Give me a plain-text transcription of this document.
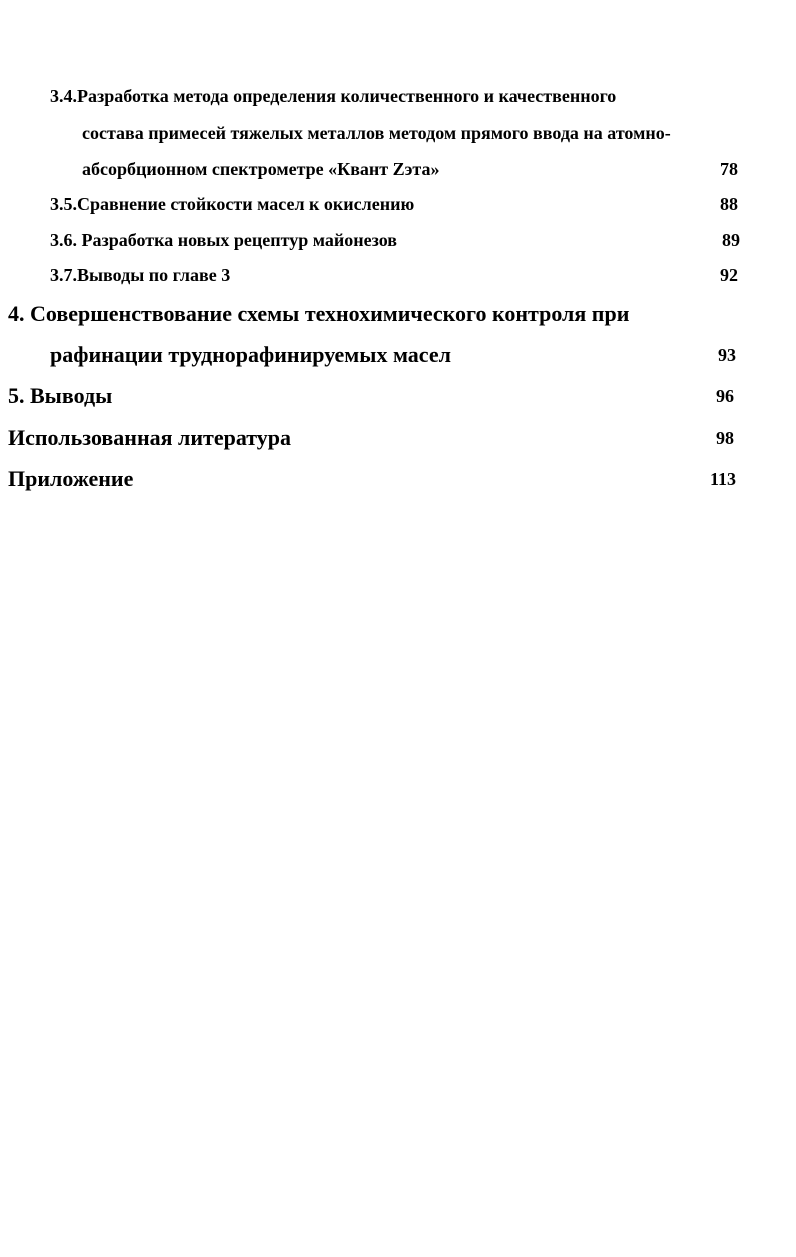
3.4.Разработка метода определения количественного и качественного
состава примесей тяжелых металлов методом прямого ввода на атомно-
абсорбционном спектрометре «Квант Zэта»	78
3.5.Сравнение стойкости масел к окислению	88
3.6. Разработка новых рецептур майонезов	89
3.7.Выводы по главе 3	92
4. Совершенствование схемы технохимического контроля при
рафинации труднорафинируемых масел	93
5. Выводы	96
Использованная литература	98
Приложение	113
